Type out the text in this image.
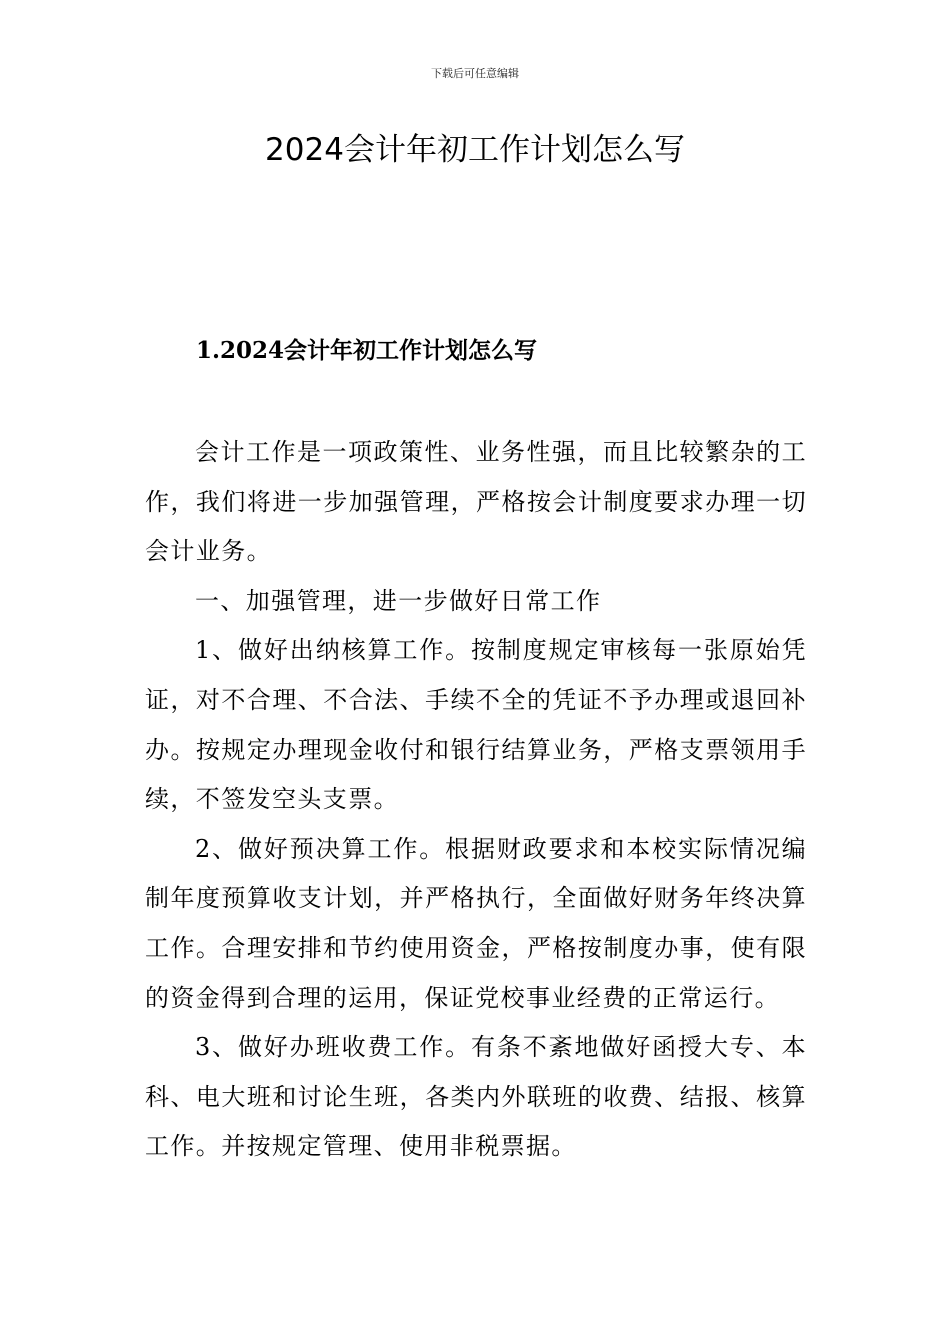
下载后可任意编辑
2024会计年初工作计划怎么写
1.2024会计年初工作计划怎么写

会计工作是一项政策性、业务性强，而且比较繁杂的工作，我们将进一步加强管理，严格按会计制度要求办理一切会计业务。

一、加强管理，进一步做好日常工作

1、做好出纳核算工作。按制度规定审核每一张原始凭证，对不合理、不合法、手续不全的凭证不予办理或退回补办。按规定办理现金收付和银行结算业务，严格支票领用手续，不签发空头支票。

2、做好预决算工作。根据财政要求和本校实际情况编制年度预算收支计划，并严格执行，全面做好财务年终决算工作。合理安排和节约使用资金，严格按制度办事，使有限的资金得到合理的运用，保证党校事业经费的正常运行。

3、做好办班收费工作。有条不紊地做好函授大专、本科、电大班和讨论生班，各类内外联班的收费、结报、核算工作。并按规定管理、使用非税票据。
